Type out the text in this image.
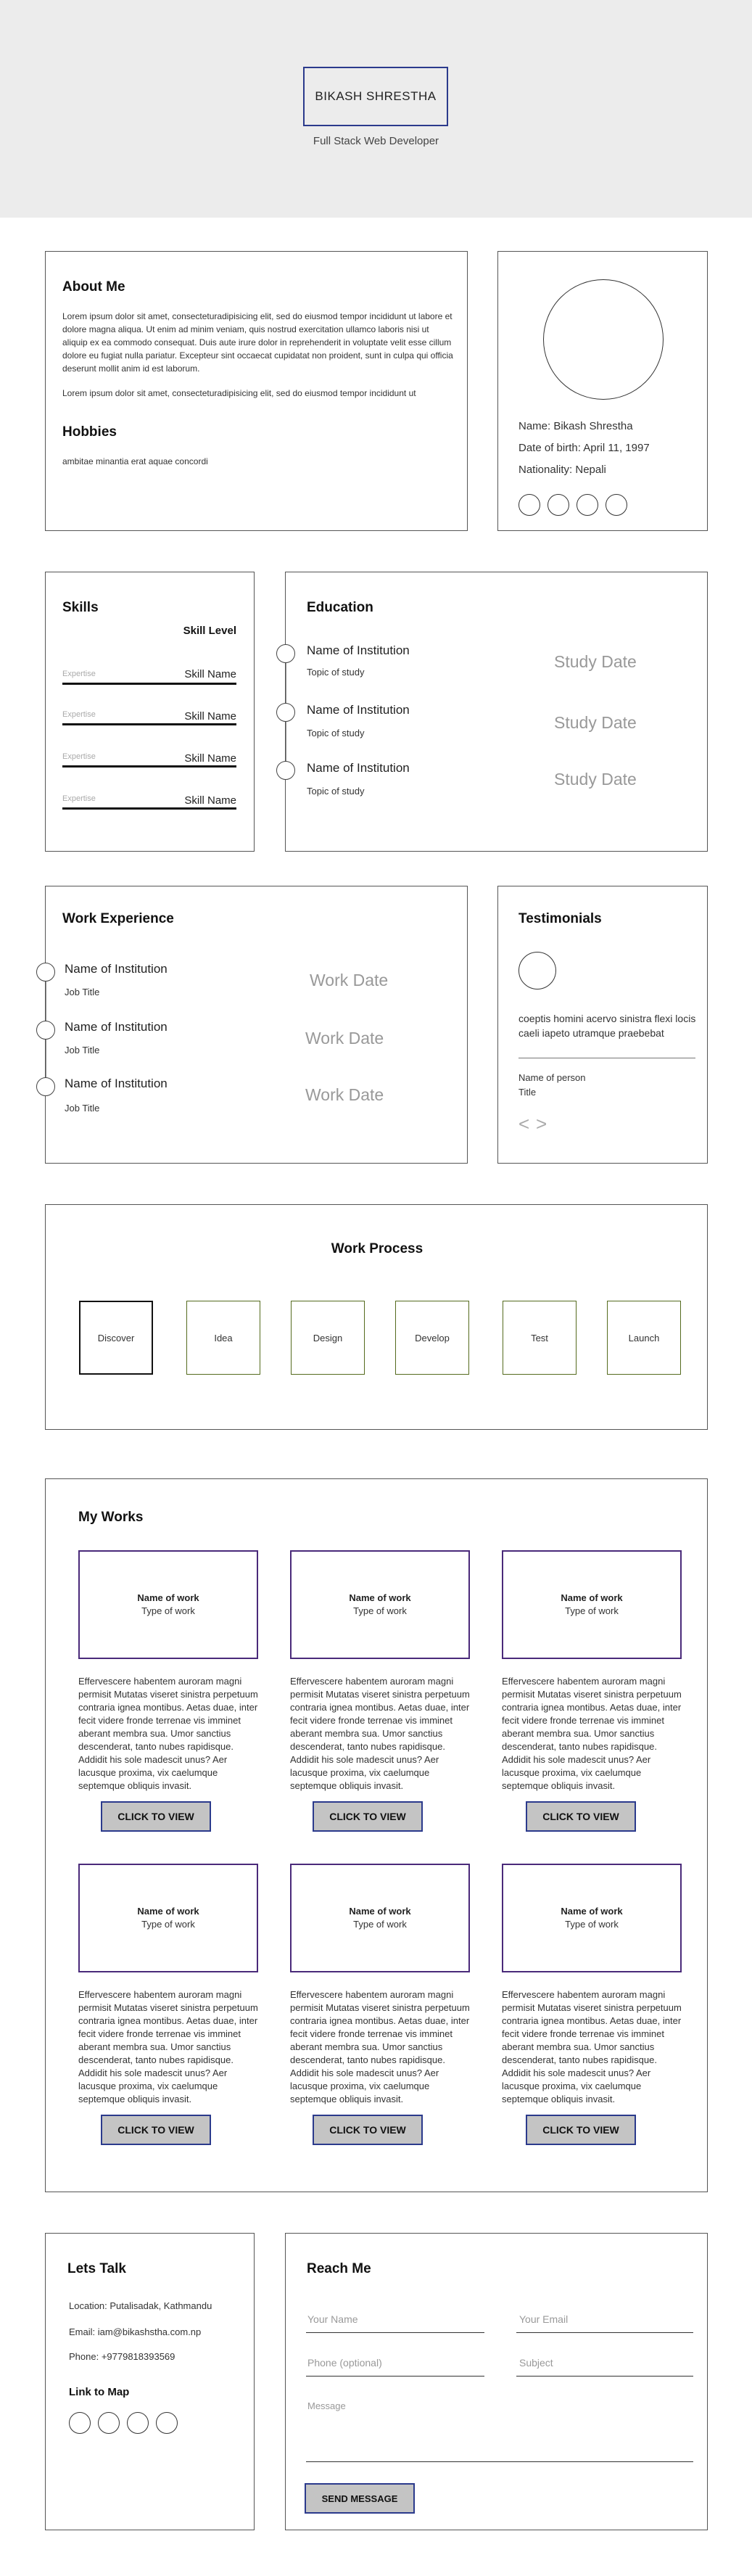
BIKASH SHRESTHA
Full Stack Web Developer
About Me
Lorem ipsum dolor sit amet, consecteturadipisicing elit, sed do eiusmod tempor incididunt ut labore et dolore magna aliqua. Ut enim ad minim veniam, quis nostrud exercitation ullamco laboris nisi ut aliquip ex ea commodo consequat. Duis aute irure dolor in reprehenderit in voluptate velit esse cillum dolore eu fugiat nulla pariatur. Excepteur sint occaecat cupidatat non proident, sunt in culpa qui officia deserunt mollit anim id est laborum.
Lorem ipsum dolor sit amet, consecteturadipisicing elit, sed do eiusmod tempor incididunt ut
Hobbies
ambitae minantia erat aquae concordi
Name: Bikash Shrestha
Date of birth: April 11, 1997
Nationality: Nepali
Skills
Skill Level
Expertise	Skill Name
Expertise	Skill Name
Expertise	Skill Name
Expertise	Skill Name
Education
Name of Institution
Topic of study
Study Date
Name of Institution
Topic of study
Study Date
Name of Institution
Topic of study
Study Date
Work Experience
Name of Institution
Job Title
Work Date
Name of Institution
Job Title
Work Date
Name of Institution
Job Title
Work Date
Testimonials
coeptis homini acervo sinistra flexi locis caeli iapeto utramque praebebat
Name of person
Title
< >
Work Process
Discover	Idea	Design	Develop	Test	Launch
My Works
Name of work
Type of work
Effervescere habentem auroram magni permisit Mutatas viseret sinistra perpetuum contraria ignea montibus. Aetas duae, inter fecit videre fronde terrenae vis imminet aberant membra sua. Umor sanctius descenderat, tanto nubes rapidisque. Addidit his sole madescit unus? Aer lacusque proxima, vix caelumque septemque obliquis invasit.
CLICK TO VIEW
Name of work
Type of work
Effervescere habentem auroram magni permisit Mutatas viseret sinistra perpetuum contraria ignea montibus. Aetas duae, inter fecit videre fronde terrenae vis imminet aberant membra sua. Umor sanctius descenderat, tanto nubes rapidisque. Addidit his sole madescit unus? Aer lacusque proxima, vix caelumque septemque obliquis invasit.
CLICK TO VIEW
Name of work
Type of work
Effervescere habentem auroram magni permisit Mutatas viseret sinistra perpetuum contraria ignea montibus. Aetas duae, inter fecit videre fronde terrenae vis imminet aberant membra sua. Umor sanctius descenderat, tanto nubes rapidisque. Addidit his sole madescit unus? Aer lacusque proxima, vix caelumque septemque obliquis invasit.
CLICK TO VIEW
Name of work
Type of work
Effervescere habentem auroram magni permisit Mutatas viseret sinistra perpetuum contraria ignea montibus. Aetas duae, inter fecit videre fronde terrenae vis imminet aberant membra sua. Umor sanctius descenderat, tanto nubes rapidisque. Addidit his sole madescit unus? Aer lacusque proxima, vix caelumque septemque obliquis invasit.
CLICK TO VIEW
Name of work
Type of work
Effervescere habentem auroram magni permisit Mutatas viseret sinistra perpetuum contraria ignea montibus. Aetas duae, inter fecit videre fronde terrenae vis imminet aberant membra sua. Umor sanctius descenderat, tanto nubes rapidisque. Addidit his sole madescit unus? Aer lacusque proxima, vix caelumque septemque obliquis invasit.
CLICK TO VIEW
Name of work
Type of work
Effervescere habentem auroram magni permisit Mutatas viseret sinistra perpetuum contraria ignea montibus. Aetas duae, inter fecit videre fronde terrenae vis imminet aberant membra sua. Umor sanctius descenderat, tanto nubes rapidisque. Addidit his sole madescit unus? Aer lacusque proxima, vix caelumque septemque obliquis invasit.
CLICK TO VIEW
Lets Talk
Location: Putalisadak, Kathmandu
Email: iam@bikashstha.com.np
Phone: +9779818393569
Link to Map
Reach Me
Your Name	Your Email
Phone (optional)	Subject
Message
SEND MESSAGE
